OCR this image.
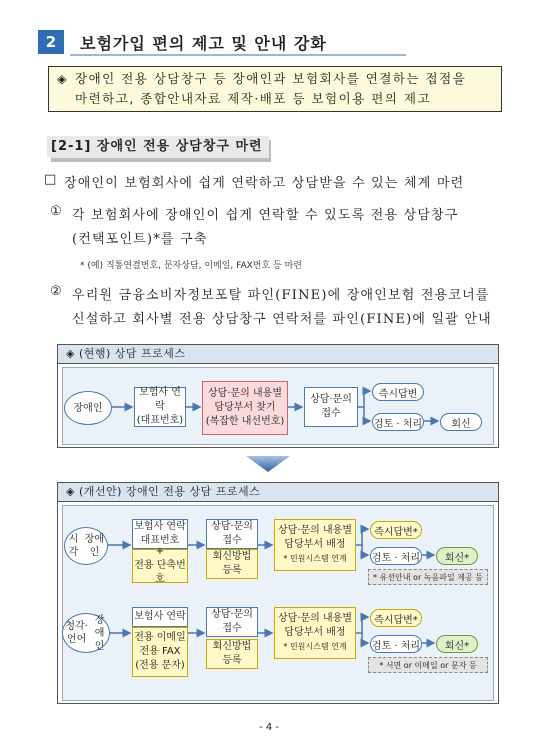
2	보험가입 편의 제고 및 안내 강화
◈ 장애인 전용 상담창구 등 장애인과 보험회사를 연결하는 접점을
마련하고, 종합안내자료 제작·배포 등 보험이용 편의 제고
[2-1] 장애인 전용 상담창구 마련
□ 장애인이 보험회사에 쉽게 연락하고 상담받을 수 있는 체계 마련
① 각 보험회사에 장애인이 쉽게 연락할 수 있도록 전용 상담창구
(컨택포인트)*를 구축
* (예) 직통연결번호, 문자상담, 이메일, FAX번호 등 마련
② 우리원 금융소비자정보포탈 파인(FINE)에 장애인보험 전용코너를
신설하고 회사별 전용 상담창구 연락처를 파인(FINE)에 일괄 안내
◈ (현행) 상담 프로세스
장애인
보험사 연락
(대표번호)
상담·문의 내용별
담당부서 찾기
(복잡한 내선번호)
상담·문의
접수
즉시답변
검토 · 처리	회신
◈ (개선안) 장애인 전용 상담 프로세스
시각
장애인
보험사 연락
대표번호
+
전용 단축번호
상담·문의
접수
회신방법
등록
상담·문의 내용별
담당부서 배정
* 민원시스템 연계
즉시답변*
검토 · 처리	회신*
* 유선안내 or 녹음파일 제공 등
청각·언어
장애인
보험사 연락
전용 이메일
전용 FAX
(전용 문자)
상담·문의
접수
회신방법
등록
상담·문의 내용별
담당부서 배정
* 민원시스템 연계
즉시답변*
검토 · 처리	회신*
* 서면 or 이메일 or 문자 등
- 4 -
